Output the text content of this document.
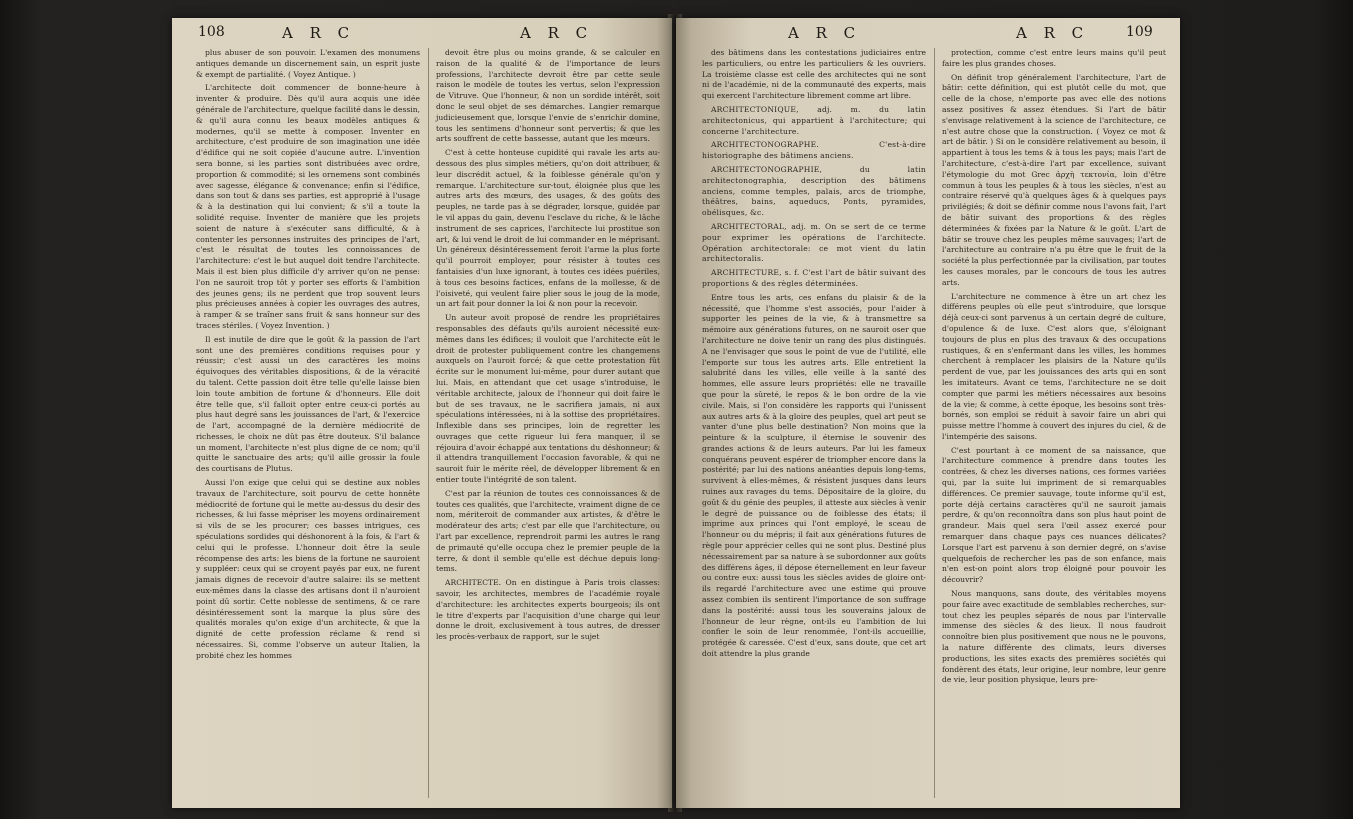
108	A R C	A R C

plus abuser de son pouvoir. L'examen des monumens antiques demande un discernement sain, un esprit juste & exempt de partialité. ( Voyez Antique. )

L'architecte doit commencer de bonne-heure à inventer & produire. Dès qu'il aura acquis une idée générale de l'architecture, quelque facilité dans le dessin, & qu'il aura connu les beaux modèles antiques & modernes, qu'il se mette à composer. Inventer en architecture, c'est produire de son imagination une idée d'édifice qui ne soit copiée d'aucune autre. L'invention sera bonne, si les parties sont distribuées avec ordre, proportion & commodité; si les ornemens sont combinés avec sagesse, élégance & convenance; enfin si l'édifice, dans son tout & dans ses parties, est approprié à l'usage & à la destination qui lui convient; & s'il a toute la solidité requise. Inventer de manière que les projets soient de nature à s'exécuter sans difficulté, & à contenter les personnes instruites des principes de l'art, c'est le résultat de toutes les connoissances de l'architecture: c'est le but auquel doit tendre l'architecte. Mais il est bien plus difficile d'y arriver qu'on ne pense: l'on ne sauroit trop tôt y porter ses efforts & l'ambition des jeunes gens; ils ne perdent que trop souvent leurs plus précieuses années à copier les ouvrages des autres, à ramper & se traîner sans fruit & sans honneur sur des traces stériles. ( Voyez Invention. )

Il est inutile de dire que le goût & la passion de l'art sont une des premières conditions requises pour y réussir; c'est aussi un des caractères les moins équivoques des véritables dispositions, & de la véracité du talent. Cette passion doit être telle qu'elle laisse bien loin toute ambition de fortune & d'honneurs. Elle doit être telle que, s'il falloit opter entre ceux-ci portés au plus haut degré sans les jouissances de l'art, & l'exercice de l'art, accompagné de la dernière médiocrité de richesses, le choix ne dût pas être douteux. S'il balance un moment, l'architecte n'est plus digne de ce nom; qu'il quitte le sanctuaire des arts; qu'il aille grossir la foule des courtisans de Plutus.

Aussi l'on exige que celui qui se destine aux nobles travaux de l'architecture, soit pourvu de cette honnête médiocrité de fortune qui le mette au-dessus du desir des richesses, & lui fasse mépriser les moyens ordinairement si vils de se les procurer; ces basses intrigues, ces spéculations sordides qui déshonorent à la fois, & l'art & celui qui le professe. L'honneur doit être la seule récompense des arts: les biens de la fortune ne sauroient y suppléer: ceux qui se croyent payés par eux, ne furent jamais dignes de recevoir d'autre salaire: ils se mettent eux-mêmes dans la classe des artisans dont il n'auroient point dû sortir. Cette noblesse de sentimens, & ce rare désintéressement sont la marque la plus sûre des qualités morales qu'on exige d'un architecte, & que la dignité de cette profession réclame & rend si nécessaires. Si, comme l'observe un auteur Italien, la probité chez les hommes

devoit être plus ou moins grande, & se calculer en raison de la qualité & de l'importance de leurs professions, l'architecte devroit être par cette seule raison le modèle de toutes les vertus, selon l'expression de Vitruve. Que l'honneur, & non un sordide intérêt, soit donc le seul objet de ses démarches. Langier remarque judicieusement que, lorsque l'envie de s'enrichir domine, tous les sentimens d'honneur sont pervertis; & que les arts souffrent de cette bassesse, autant que les mœurs.

C'est à cette honteuse cupidité qui ravale les arts au-dessous des plus simples métiers, qu'on doit attribuer, & leur discrédit actuel, & la foiblesse générale qu'on y remarque. L'architecture sur-tout, éloignée plus que les autres arts des mœurs, des usages, & des goûts des peuples, ne tarde pas à se dégrader, lorsque, guidée par le vil appas du gain, devenu l'esclave du riche, & le lâche instrument de ses caprices, l'architecte lui prostitue son art, & lui vend le droit de lui commander en le méprisant. Un généreux désintéressement feroit l'arme la plus forte qu'il pourroit employer, pour résister à toutes ces fantaisies d'un luxe ignorant, à toutes ces idées puériles, à tous ces besoins factices, enfans de la mollesse, & de l'oisiveté, qui veulent faire plier sous le joug de la mode, un art fait pour donner la loi & non pour la recevoir.

Un auteur avoit proposé de rendre les propriétaires responsables des défauts qu'ils auroient nécessité eux-mêmes dans les édifices; il vouloit que l'architecte eût le droit de protester publiquement contre les changemens auxquels on l'auroit forcé; & que cette protestation fût écrite sur le monument lui-même, pour durer autant que lui. Mais, en attendant que cet usage s'introduise, le véritable architecte, jaloux de l'honneur qui doit faire le but de ses travaux, ne le sacrifiera jamais, ni aux spéculations intéressées, ni à la sottise des propriétaires. Inflexible dans ses principes, loin de regretter les ouvrages que cette rigueur lui fera manquer, il se réjouira d'avoir échappé aux tentations du déshonneur; & il attendra tranquillement l'occasion favorable, & qui ne sauroit fuir le mérite réel, de développer librement & en entier toute l'intégrité de son talent.

C'est par la réunion de toutes ces connoissances & de toutes ces qualités, que l'architecte, vraiment digne de ce nom, mériteroit de commander aux artistes, & d'être le modérateur des arts; c'est par elle que l'architecture, ou l'art par excellence, reprendroit parmi les autres le rang de primauté qu'elle occupa chez le premier peuple de la terre, & dont il semble qu'elle est déchue depuis long-tems.

ARCHITECTE. On en distingue à Paris trois classes: savoir, les architectes, membres de l'académie royale d'architecture: les architectes experts bourgeois; ils ont le titre d'experts par l'acquisition d'une charge qui leur donne le droit, exclusivement à tous autres, de dresser les procès-verbaux de rapport, sur le sujet

A R C	A R C	109

des bâtimens dans les contestations judiciaires entre les particuliers, ou entre les particuliers & les ouvriers. La troisième classe est celle des architectes qui ne sont ni de l'académie, ni de la communauté des experts, mais qui exercent l'architecture librement comme art libre.

ARCHITECTONIQUE, adj. m. du latin architectonicus, qui appartient à l'architecture; qui concerne l'architecture.

ARCHITECTONOGRAPHE. C'est-à-dire historiographe des bâtimens anciens.

ARCHITECTONOGRAPHIE, du latin architectonographia, description des bâtimens anciens, comme temples, palais, arcs de triomphe, théâtres, bains, aqueducs, Ponts, pyramides, obélisques, &c.

ARCHITECTORAL, adj. m. On se sert de ce terme pour exprimer les opérations de l'architecte. Opération architectorale: ce mot vient du latin architectoralis.

ARCHITECTURE, s. f. C'est l'art de bâtir suivant des proportions & des règles déterminées.

Entre tous les arts, ces enfans du plaisir & de la nécessité, que l'homme s'est associés, pour l'aider à supporter les peines de la vie, & à transmettre sa mémoire aux générations futures, on ne sauroit oser que l'architecture ne doive tenir un rang des plus distingués. A ne l'envisager que sous le point de vue de l'utilité, elle l'emporte sur tous les autres arts. Elle entretient la salubrité dans les villes, elle veille à la santé des hommes, elle assure leurs propriétés: elle ne travaille que pour la sûreté, le repos & le bon ordre de la vie civile. Mais, si l'on considère les rapports qui l'unissent aux autres arts & à la gloire des peuples, quel art peut se vanter d'une plus belle destination? Non moins que la peinture & la sculpture, il éternise le souvenir des grandes actions & de leurs auteurs. Par lui les fameux conquérans peuvent espérer de triompher encore dans la postérité; par lui des nations anéanties depuis long-tems, survivent à elles-mêmes, & résistent jusques dans leurs ruines aux ravages du tems. Dépositaire de la gloire, du goût & du génie des peuples, il atteste aux siècles à venir le degré de puissance ou de foiblesse des états; il imprime aux princes qui l'ont employé, le sceau de l'honneur ou du mépris; il fait aux générations futures de règle pour apprécier celles qui ne sont plus. Destiné plus nécessairement par sa nature à se subordonner aux goûts des différens âges, il dépose éternellement en leur faveur ou contre eux: aussi tous les siècles avides de gloire ont-ils regardé l'architecture avec une estime qui prouve assez combien ils sentirent l'importance de son suffrage dans la postérité: aussi tous les souverains jaloux de l'honneur de leur règne, ont-ils eu l'ambition de lui confier le soin de leur renommée, l'ont-ils accueillie, protégée & caressée. C'est d'eux, sans doute, que cet art doit attendre la plus grande

protection, comme c'est entre leurs mains qu'il peut faire les plus grandes choses.

On définit trop généralement l'architecture, l'art de bâtir: cette définition, qui est plutôt celle du mot, que celle de la chose, n'emporte pas avec elle des notions assez positives & assez étendues. Si l'art de bâtir s'envisage relativement à la science de l'architecture, ce n'est autre chose que la construction. ( Voyez ce mot & art de bâtir. ) Si on le considère relativement au besoin, il appartient à tous les tems & à tous les pays; mais l'art de l'architecture, c'est-à-dire l'art par excellence, suivant l'étymologie du mot Grec ἀρχὴ τεκτονία, loin d'être commun à tous les peuples & à tous les siècles, n'est au contraire réservé qu'à quelques âges & à quelques pays privilégiés; & doit se définir comme nous l'avons fait, l'art de bâtir suivant des proportions & des règles déterminées & fixées par la Nature & le goût. L'art de bâtir se trouve chez les peuples même sauvages; l'art de l'architecture au contraire n'a pu être que le fruit de la société la plus perfectionnée par la civilisation, par toutes les causes morales, par le concours de tous les autres arts.

L'architecture ne commence à être un art chez les différens peuples où elle peut s'introduire, que lorsque déjà ceux-ci sont parvenus à un certain degré de culture, d'opulence & de luxe. C'est alors que, s'éloignant toujours de plus en plus des travaux & des occupations rustiques, & en s'enfermant dans les villes, les hommes cherchent à remplacer les plaisirs de la Nature qu'ils perdent de vue, par les jouissances des arts qui en sont les imitateurs. Avant ce tems, l'architecture ne se doit compter que parmi les métiers nécessaires aux besoins de la vie; & comme, à cette époque, les besoins sont très-bornés, son emploi se réduit à savoir faire un abri qui puisse mettre l'homme à couvert des injures du ciel, & de l'intempérie des saisons.

C'est pourtant à ce moment de sa naissance, que l'architecture commence à prendre dans toutes les contrées, & chez les diverses nations, ces formes variées qui, par la suite lui impriment de si remarquables différences. Ce premier sauvage, toute informe qu'il est, porte déjà certains caractères qu'il ne sauroit jamais perdre, & qu'on reconnoîtra dans son plus haut point de grandeur. Mais quel sera l'œil assez exercé pour remarquer dans chaque pays ces nuances délicates? Lorsque l'art est parvenu à son dernier degré, on s'avise quelquefois de rechercher les pas de son enfance, mais n'en est-on point alors trop éloigné pour pouvoir les découvrir?

Nous manquons, sans doute, des véritables moyens pour faire avec exactitude de semblables recherches, sur-tout chez les peuples séparés de nous par l'intervalle immense des siècles & des lieux. Il nous faudroit connoître bien plus positivement que nous ne le pouvons, la nature différente des climats, leurs diverses productions, les sites exacts des premières sociétés qui fondèrent des états, leur origine, leur nombre, leur genre de vie, leur position physique, leurs pre-
